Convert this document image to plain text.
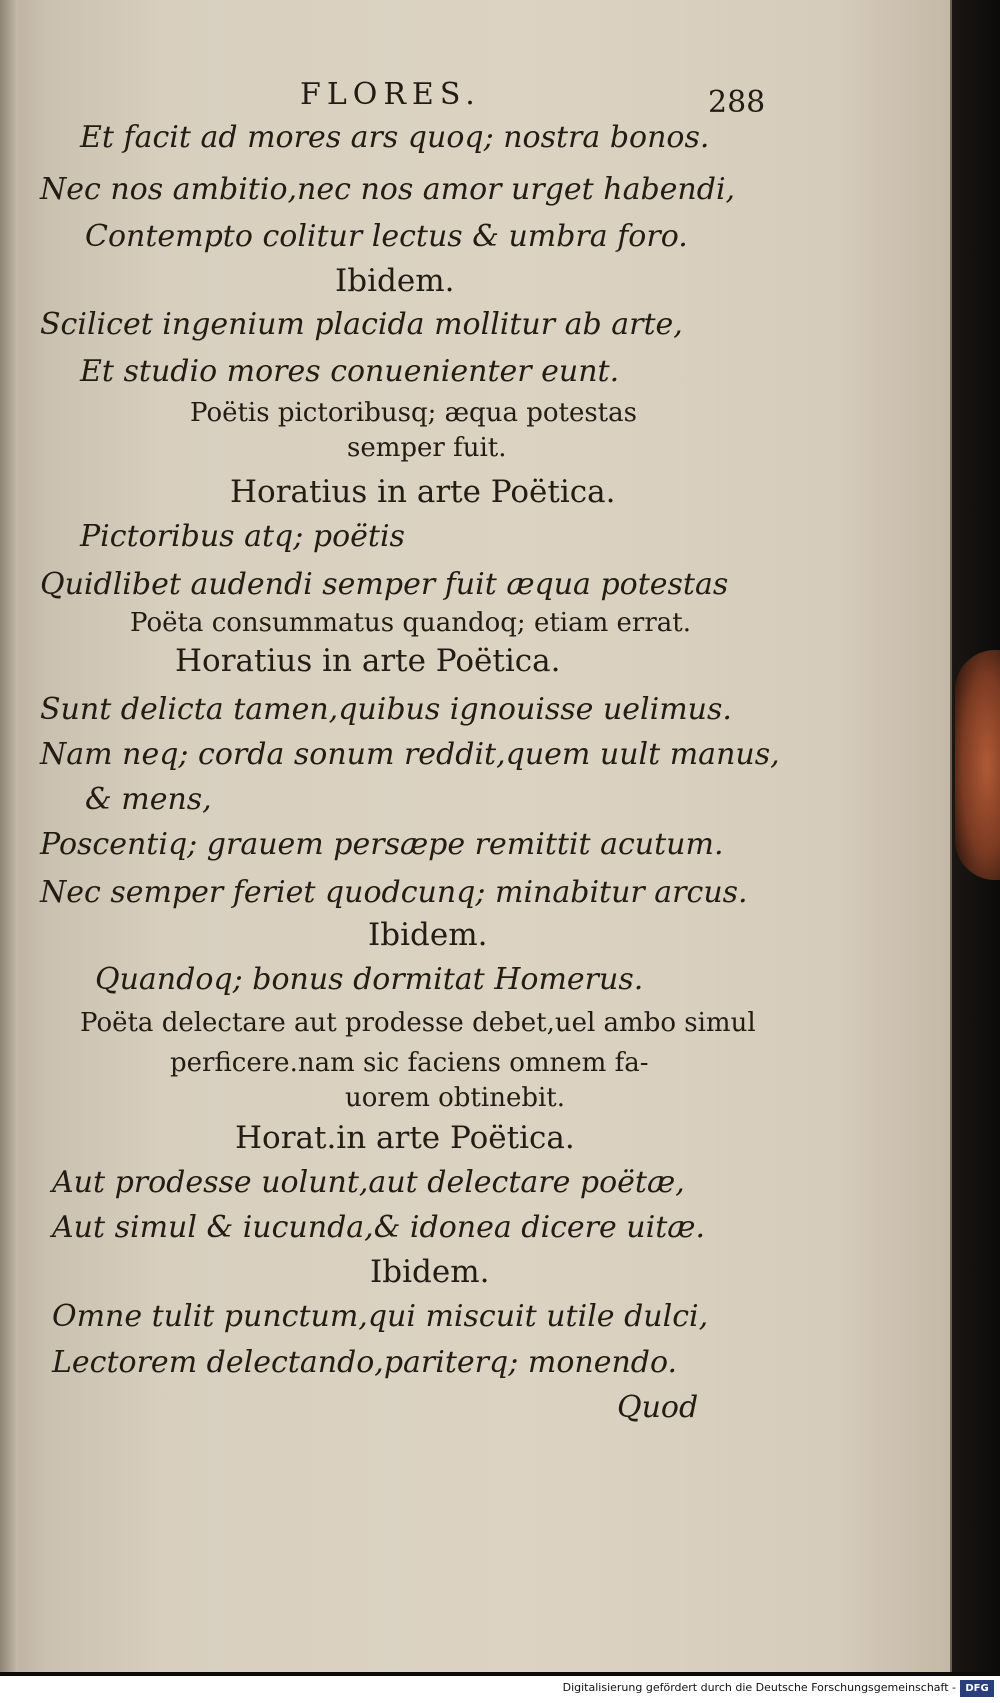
FLORES.	288
Et facit ad mores ars quoq; nostra bonos.
Nec nos ambitio,nec nos amor urget habendi,
Contempto colitur lectus & umbra foro.
Ibidem.
Scilicet ingenium placida mollitur ab arte,
Et studio mores conuenienter eunt.
Poëtis pictoribusq; æqua potestas
semper fuit.
Horatius in arte Poëtica.
Pictoribus atq; poëtis
Quidlibet audendi semper fuit æqua potestas
Poëta consummatus quandoq; etiam errat.
Horatius in arte Poëtica.
Sunt delicta tamen,quibus ignouisse uelimus.
Nam neq; corda sonum reddit,quem uult manus,
& mens,
Poscentiq; grauem persæpe remittit acutum.
Nec semper feriet quodcunq; minabitur arcus.
Ibidem.
Quandoq; bonus dormitat Homerus.
Poëta delectare aut prodesse debet,uel ambo simul
perficere.nam sic faciens omnem fa-
uorem obtinebit.
Horat.in arte Poëtica.
Aut prodesse uolunt,aut delectare poëtæ,
Aut simul & iucunda,& idonea dicere uitæ.
Ibidem.
Omne tulit punctum,qui miscuit utile dulci,
Lectorem delectando,pariterq; monendo.
Quod
Digitalisierung gefördert durch die Deutsche Forschungsgemeinschaft - DFG
